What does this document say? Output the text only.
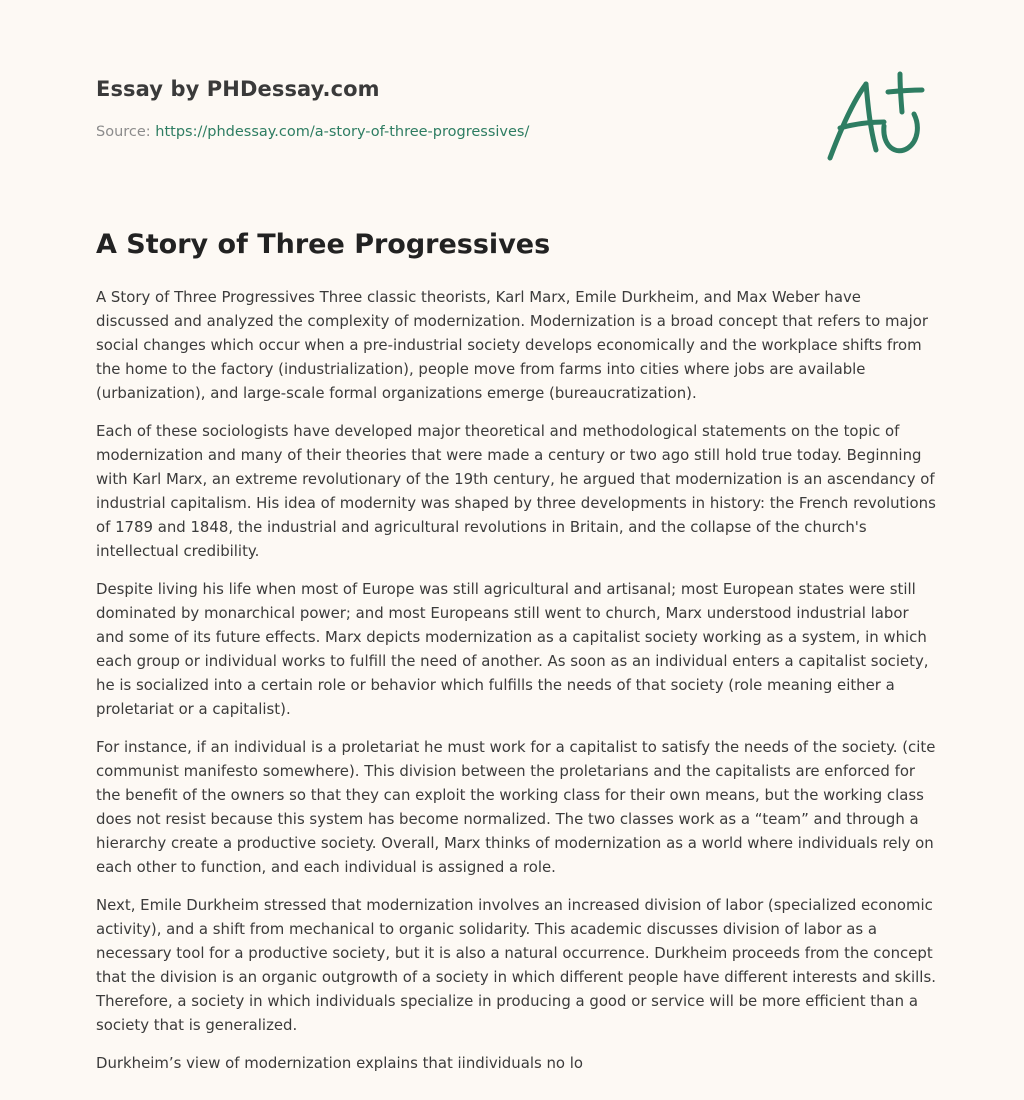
Essay by PHDessay.com
Source: https://phdessay.com/a-story-of-three-progressives/
A Story of Three Progressives

A Story of Three Progressives Three classic theorists, Karl Marx, Emile Durkheim, and Max Weber have discussed and analyzed the complexity of modernization. Modernization is a broad concept that refers to major social changes which occur when a pre-industrial society develops economically and the workplace shifts from the home to the factory (industrialization), people move from farms into cities where jobs are available (urbanization), and large-scale formal organizations emerge (bureaucratization).

Each of these sociologists have developed major theoretical and methodological statements on the topic of modernization and many of their theories that were made a century or two ago still hold true today. Beginning with Karl Marx, an extreme revolutionary of the 19th century, he argued that modernization is an ascendancy of industrial capitalism. His idea of modernity was shaped by three developments in history: the French revolutions of 1789 and 1848, the industrial and agricultural revolutions in Britain, and the collapse of the church's intellectual credibility.

Despite living his life when most of Europe was still agricultural and artisanal; most European states were still dominated by monarchical power; and most Europeans still went to church, Marx understood industrial labor and some of its future effects. Marx depicts modernization as a capitalist society working as a system, in which each group or individual works to fulfill the need of another. As soon as an individual enters a capitalist society, he is socialized into a certain role or behavior which fulfills the needs of that society (role meaning either a proletariat or a capitalist).

For instance, if an individual is a proletariat he must work for a capitalist to satisfy the needs of the society. (cite communist manifesto somewhere). This division between the proletarians and the capitalists are enforced for the benefit of the owners so that they can exploit the working class for their own means, but the working class does not resist because this system has become normalized. The two classes work as a “team” and through a hierarchy create a productive society. Overall, Marx thinks of modernization as a world where individuals rely on each other to function, and each individual is assigned a role.

Next, Emile Durkheim stressed that modernization involves an increased division of labor (specialized economic activity), and a shift from mechanical to organic solidarity. This academic discusses division of labor as a necessary tool for a productive society, but it is also a natural occurrence. Durkheim proceeds from the concept that the division is an organic outgrowth of a society in which different people have different interests and skills. Therefore, a society in which individuals specialize in producing a good or service will be more efficient than a society that is generalized.

Durkheim’s view of modernization explains that iindividuals no lo
